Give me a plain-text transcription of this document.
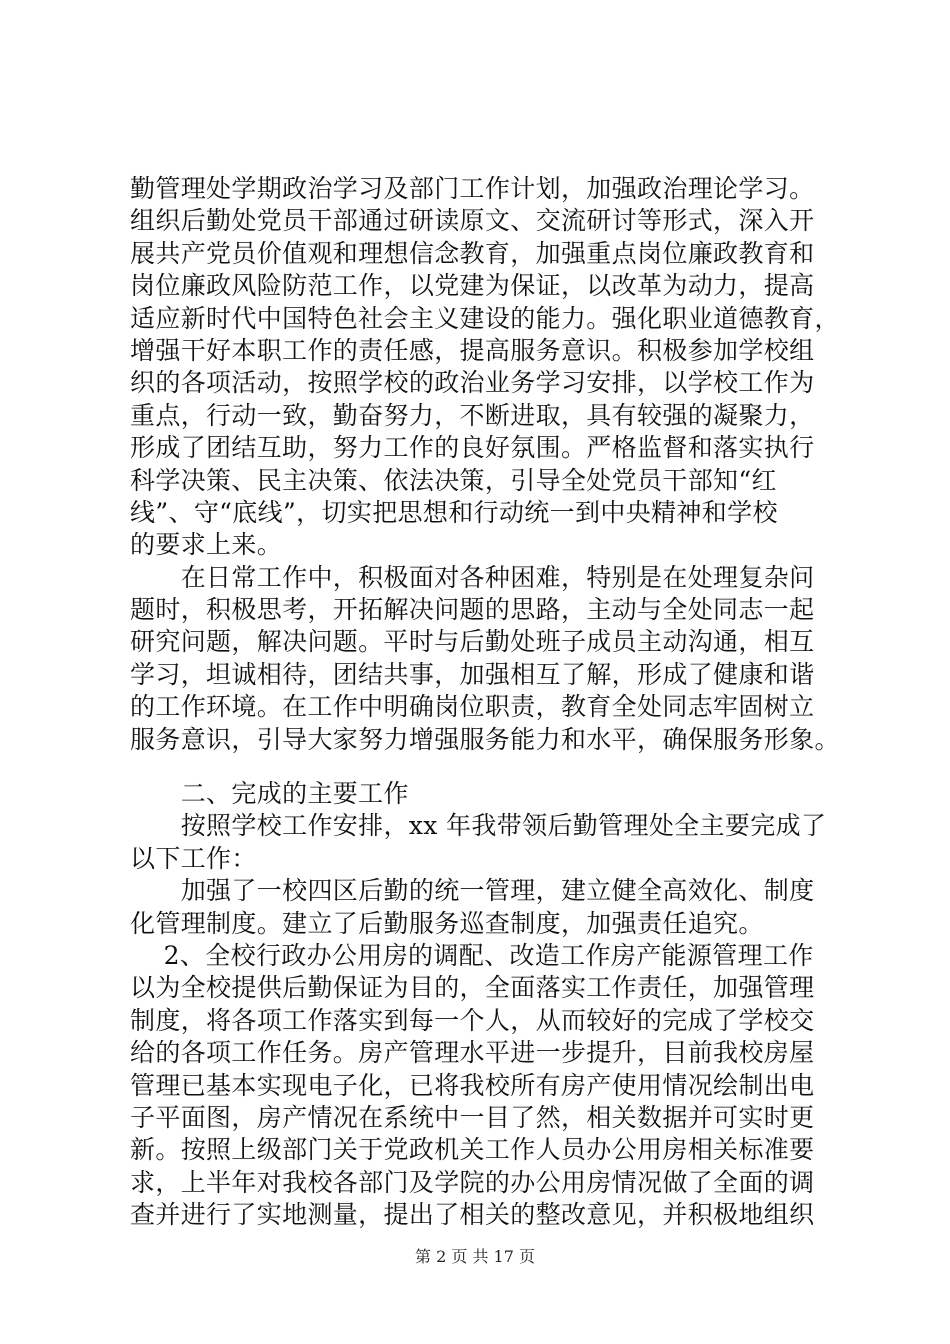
勤管理处学期政治学习及部门工作计划，加强政治理论学习。
组织后勤处党员干部通过研读原文、交流研讨等形式，深入开
展共产党员价值观和理想信念教育，加强重点岗位廉政教育和
岗位廉政风险防范工作，以党建为保证，以改革为动力，提高
适应新时代中国特色社会主义建设的能力。强化职业道德教育，
增强干好本职工作的责任感，提高服务意识。积极参加学校组
织的各项活动，按照学校的政治业务学习安排，以学校工作为
重点，行动一致，勤奋努力，不断进取，具有较强的凝聚力，
形成了团结互助，努力工作的良好氛围。严格监督和落实执行
科学决策、民主决策、依法决策，引导全处党员干部知“红
线”、守“底线”，切实把思想和行动统一到中央精神和学校
的要求上来。
　　在日常工作中，积极面对各种困难，特别是在处理复杂问
题时，积极思考，开拓解决问题的思路，主动与全处同志一起
研究问题，解决问题。平时与后勤处班子成员主动沟通，相互
学习，坦诚相待，团结共事，加强相互了解，形成了健康和谐
的工作环境。在工作中明确岗位职责，教育全处同志牢固树立
服务意识，引导大家努力增强服务能力和水平，确保服务形象。
　　二、完成的主要工作
　　按照学校工作安排，xx 年我带领后勤管理处全主要完成了
以下工作：
　　加强了一校四区后勤的统一管理，建立健全高效化、制度
化管理制度。建立了后勤服务巡查制度，加强责任追究。
　 2、全校行政办公用房的调配、改造工作房产能源管理工作
以为全校提供后勤保证为目的，全面落实工作责任，加强管理
制度，将各项工作落实到每一个人，从而较好的完成了学校交
给的各项工作任务。房产管理水平进一步提升，目前我校房屋
管理已基本实现电子化，已将我校所有房产使用情况绘制出电
子平面图，房产情况在系统中一目了然，相关数据并可实时更
新。按照上级部门关于党政机关工作人员办公用房相关标准要
求，上半年对我校各部门及学院的办公用房情况做了全面的调
查并进行了实地测量，提出了相关的整改意见，并积极地组织
第 2 页 共 17 页
